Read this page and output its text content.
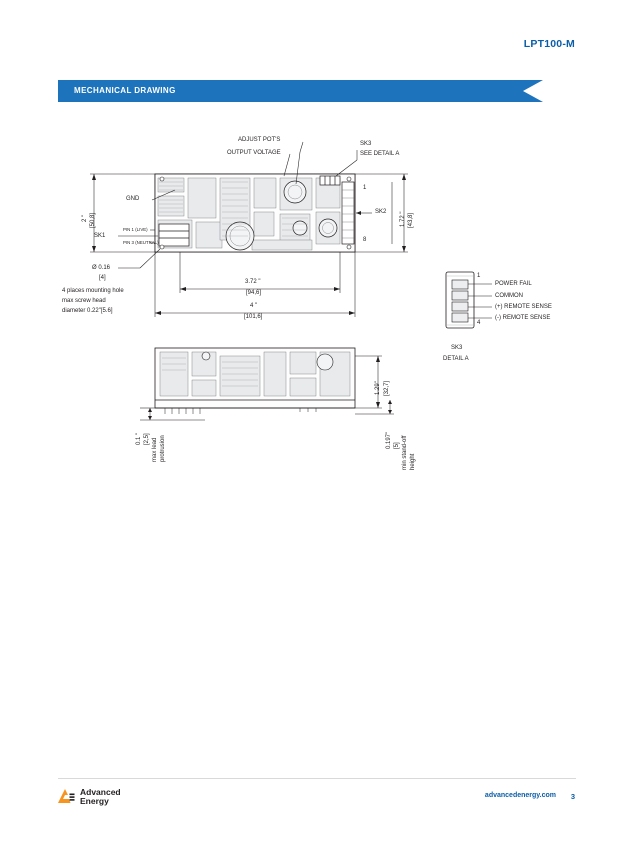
LPT100-M
MECHANICAL DRAWING
ADJUST POT'S
OUTPUT VOLTAGE
SK3
SEE DETAIL A
GND
SK1
PIN 1 (LIVE)
PIN 3 (NEUTRAL)
SK2
1
8
2 " [50,8]	1.72 " [43,8]
3.72 "
[94,6]
4 "
[101,6]
Ø 0.16
[4]
4 places mounting hole
max screw head
diameter 0.22"[5.6]
1.29" [32,7]
0.1 " [2,5] max lead protrusion	0.197" [5] min stand-off height
1
4
POWER FAIL
COMMON
(+) REMOTE SENSE
(-) REMOTE SENSE
SK3
DETAIL A
Advanced
Energy
advancedenergy.com 3
